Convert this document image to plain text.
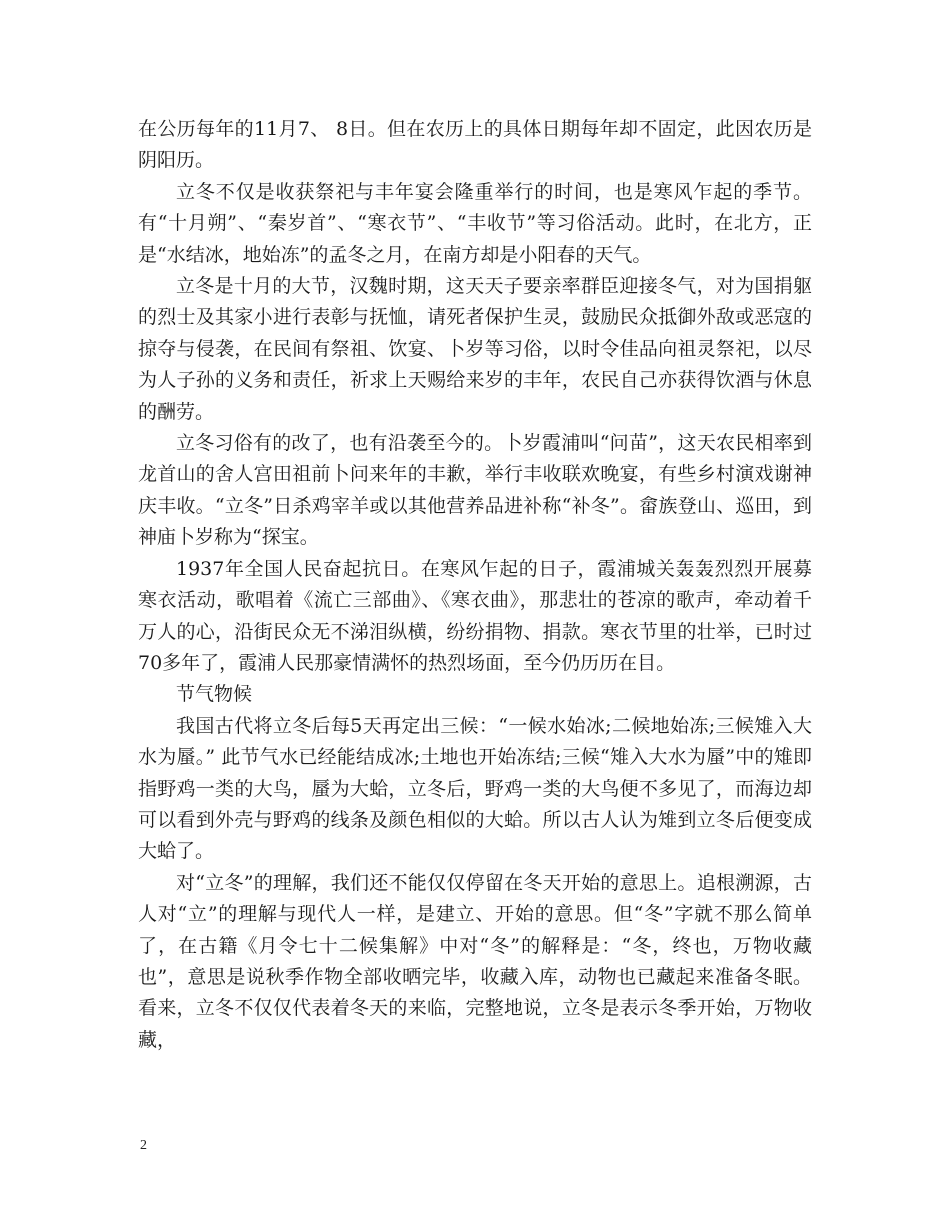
在公历每年的11月7、 8日。但在农历上的具体日期每年却不固定，此因农历是阴阳历。

立冬不仅是收获祭祀与丰年宴会隆重举行的时间，也是寒风乍起的季节。有“十月朔”、“秦岁首”、“寒衣节”、“丰收节”等习俗活动。此时，在北方，正是“水结冰，地始冻”的孟冬之月，在南方却是小阳春的天气。

立冬是十月的大节，汉魏时期，这天天子要亲率群臣迎接冬气，对为国捐躯的烈士及其家小进行表彰与抚恤，请死者保护生灵，鼓励民众抵御外敌或恶寇的掠夺与侵袭，在民间有祭祖、饮宴、卜岁等习俗，以时令佳品向祖灵祭祀，以尽为人子孙的义务和责任，祈求上天赐给来岁的丰年，农民自己亦获得饮酒与休息的酬劳。

立冬习俗有的改了，也有沿袭至今的。卜岁霞浦叫“问苗”，这天农民相率到龙首山的舍人宫田祖前卜问来年的丰歉，举行丰收联欢晚宴，有些乡村演戏谢神庆丰收。“立冬”日杀鸡宰羊或以其他营养品进补称“补冬”。畲族登山、巡田，到神庙卜岁称为“探宝。

1937年全国人民奋起抗日。在寒风乍起的日子，霞浦城关轰轰烈烈开展募寒衣活动，歌唱着《流亡三部曲》、《寒衣曲》，那悲壮的苍凉的歌声，牵动着千万人的心，沿街民众无不涕泪纵横，纷纷捐物、捐款。寒衣节里的壮举，已时过70多年了，霞浦人民那豪情满怀的热烈场面，至今仍历历在目。

节气物候

我国古代将立冬后每5天再定出三候：“一候水始冰;二候地始冻;三候雉入大水为蜃。” 此节气水已经能结成冰;土地也开始冻结;三候“雉入大水为蜃”中的雉即指野鸡一类的大鸟，蜃为大蛤，立冬后，野鸡一类的大鸟便不多见了，而海边却可以看到外壳与野鸡的线条及颜色相似的大蛤。所以古人认为雉到立冬后便变成大蛤了。

对“立冬”的理解，我们还不能仅仅停留在冬天开始的意思上。追根溯源，古人对“立”的理解与现代人一样，是建立、开始的意思。但“冬”字就不那么简单了，在古籍《月令七十二候集解》中对“冬”的解释是：“冬，终也，万物收藏也”，意思是说秋季作物全部收晒完毕，收藏入库，动物也已藏起来准备冬眠。看来，立冬不仅仅代表着冬天的来临，完整地说，立冬是表示冬季开始，万物收藏，

2
